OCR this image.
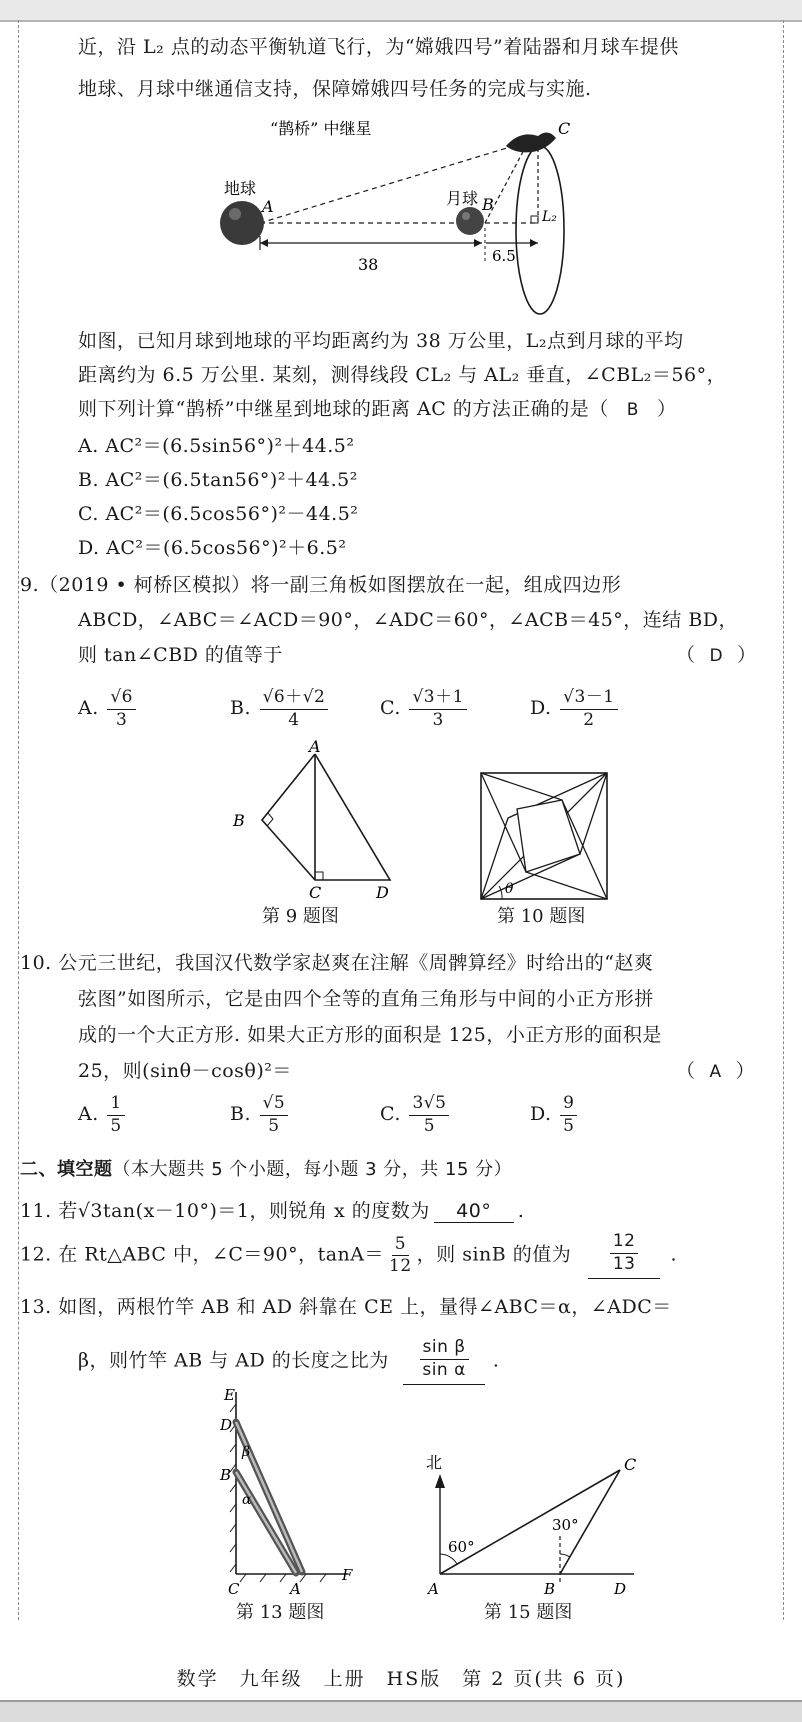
近，沿 L₂ 点的动态平衡轨道飞行，为“嫦娥四号”着陆器和月球车提供
地球、月球中继通信支持，保障嫦娥四号任务的完成与实施.
“鹊桥” 中继星	C
地球
A	月球 B
L₂
38	6.5
如图，已知月球到地球的平均距离约为 38 万公里，L₂点到月球的平均
距离约为 6.5 万公里. 某刻，测得线段 CL₂ 与 AL₂ 垂直，∠CBL₂＝56°，
则下列计算“鹊桥”中继星到地球的距离 AC 的方法正确的是（ B ）
A. AC²＝(6.5sin56°)²＋44.5²
B. AC²＝(6.5tan56°)²＋44.5²
C. AC²＝(6.5cos56°)²－44.5²
D. AC²＝(6.5cos56°)²＋6.5²
9.（2019 • 柯桥区模拟）将一副三角板如图摆放在一起，组成四边形
ABCD，∠ABC＝∠ACD＝90°，∠ADC＝60°，∠ACB＝45°，连结 BD，
则 tan∠CBD 的值等于	（ D ）
A. $\frac{√6}{3}$	B. $\frac{√6+√2}{4}$	C. $\frac{√3+1}{3}$	D. $\frac{√3-1}{2}$
A
B
C	D
第 9 题图
θ
第 10 题图
10. 公元三世纪，我国汉代数学家赵爽在注解《周髀算经》时给出的“赵爽
弦图”如图所示，它是由四个全等的直角三角形与中间的小正方形拼
成的一个大正方形. 如果大正方形的面积是 125，小正方形的面积是
25，则(sinθ－cosθ)²＝	（ A ）
A. $\frac{1}{5}$	B. $\frac{√5}{5}$	C. $\frac{3√5}{5}$	D. $\frac{9}{5}$
二、填空题（本大题共 5 个小题，每小题 3 分，共 15 分）
11. 若√3tan(x－10°)＝1，则锐角 x 的度数为 40° .
12. 在 Rt△ABC 中，∠C＝90°，$\tan A= \frac{5}{12}$ ，则 sinB 的值为 $\frac{12}{13}$ .
13. 如图，两根竹竿 AB 和 AD 斜靠在 CE 上，量得∠ABC＝α，∠ADC＝
β，则竹竿 AB 与 AD 的长度之比为 $\frac{\text{sin β}}{\text{sin α}}$ .
E
D
B
β
α
C	A
F
第 13 题图
北	C
60°
30°
A	B	D
第 15 题图
数学　九年级　上册　HS版　第 2 页(共 6 页)
